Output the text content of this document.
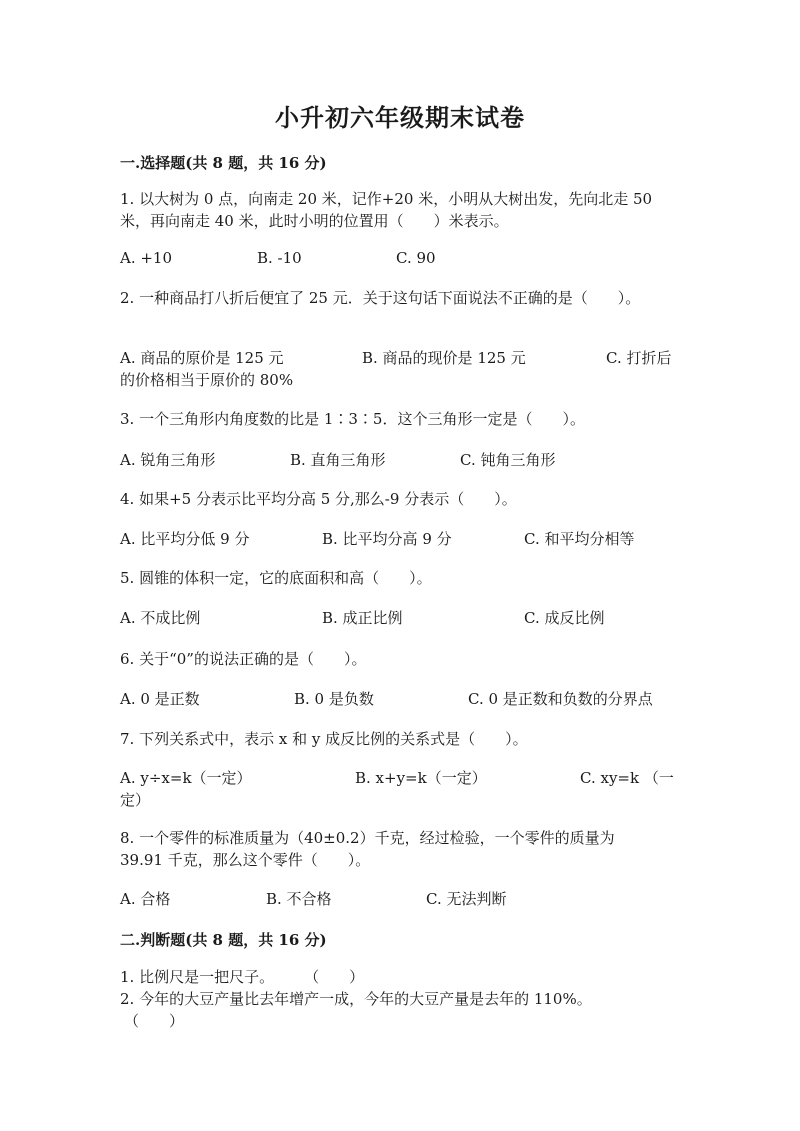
小升初六年级期末试卷
一.选择题(共 8 题，共 16 分)
1. 以大树为 0 点，向南走 20 米，记作+20 米，小明从大树出发，先向北走 50
米，再向南走 40 米，此时小明的位置用（　　）米表示。
A. +10	B. -10	C. 90
2. 一种商品打八折后便宜了 25 元．关于这句话下面说法不正确的是（　　）。
A. 商品的原价是 125 元	B. 商品的现价是 125 元	C. 打折后
的价格相当于原价的 80%
3. 一个三角形内角度数的比是 1∶3∶5．这个三角形一定是（　　）。
A. 锐角三角形	B. 直角三角形	C. 钝角三角形
4. 如果+5 分表示比平均分高 5 分,那么-9 分表示（　　）。
A. 比平均分低 9 分	B. 比平均分高 9 分	C. 和平均分相等
5. 圆锥的体积一定，它的底面积和高（　　）。
A. 不成比例	B. 成正比例	C. 成反比例
6. 关于“0”的说法正确的是（　　）。
A. 0 是正数	B. 0 是负数	C. 0 是正数和负数的分界点
7. 下列关系式中，表示 x 和 y 成反比例的关系式是（　　）。
A. y÷x=k（一定）	B. x+y=k（一定）	C. xy=k （一
定）
8. 一个零件的标准质量为（40±0.2）千克，经过检验，一个零件的质量为
39.91 千克，那么这个零件（　　）。
A. 合格	B. 不合格	C. 无法判断
二.判断题(共 8 题，共 16 分)
1. 比例尺是一把尺子。　　　（　　）
2. 今年的大豆产量比去年增产一成，今年的大豆产量是去年的 110%。
（　　）
